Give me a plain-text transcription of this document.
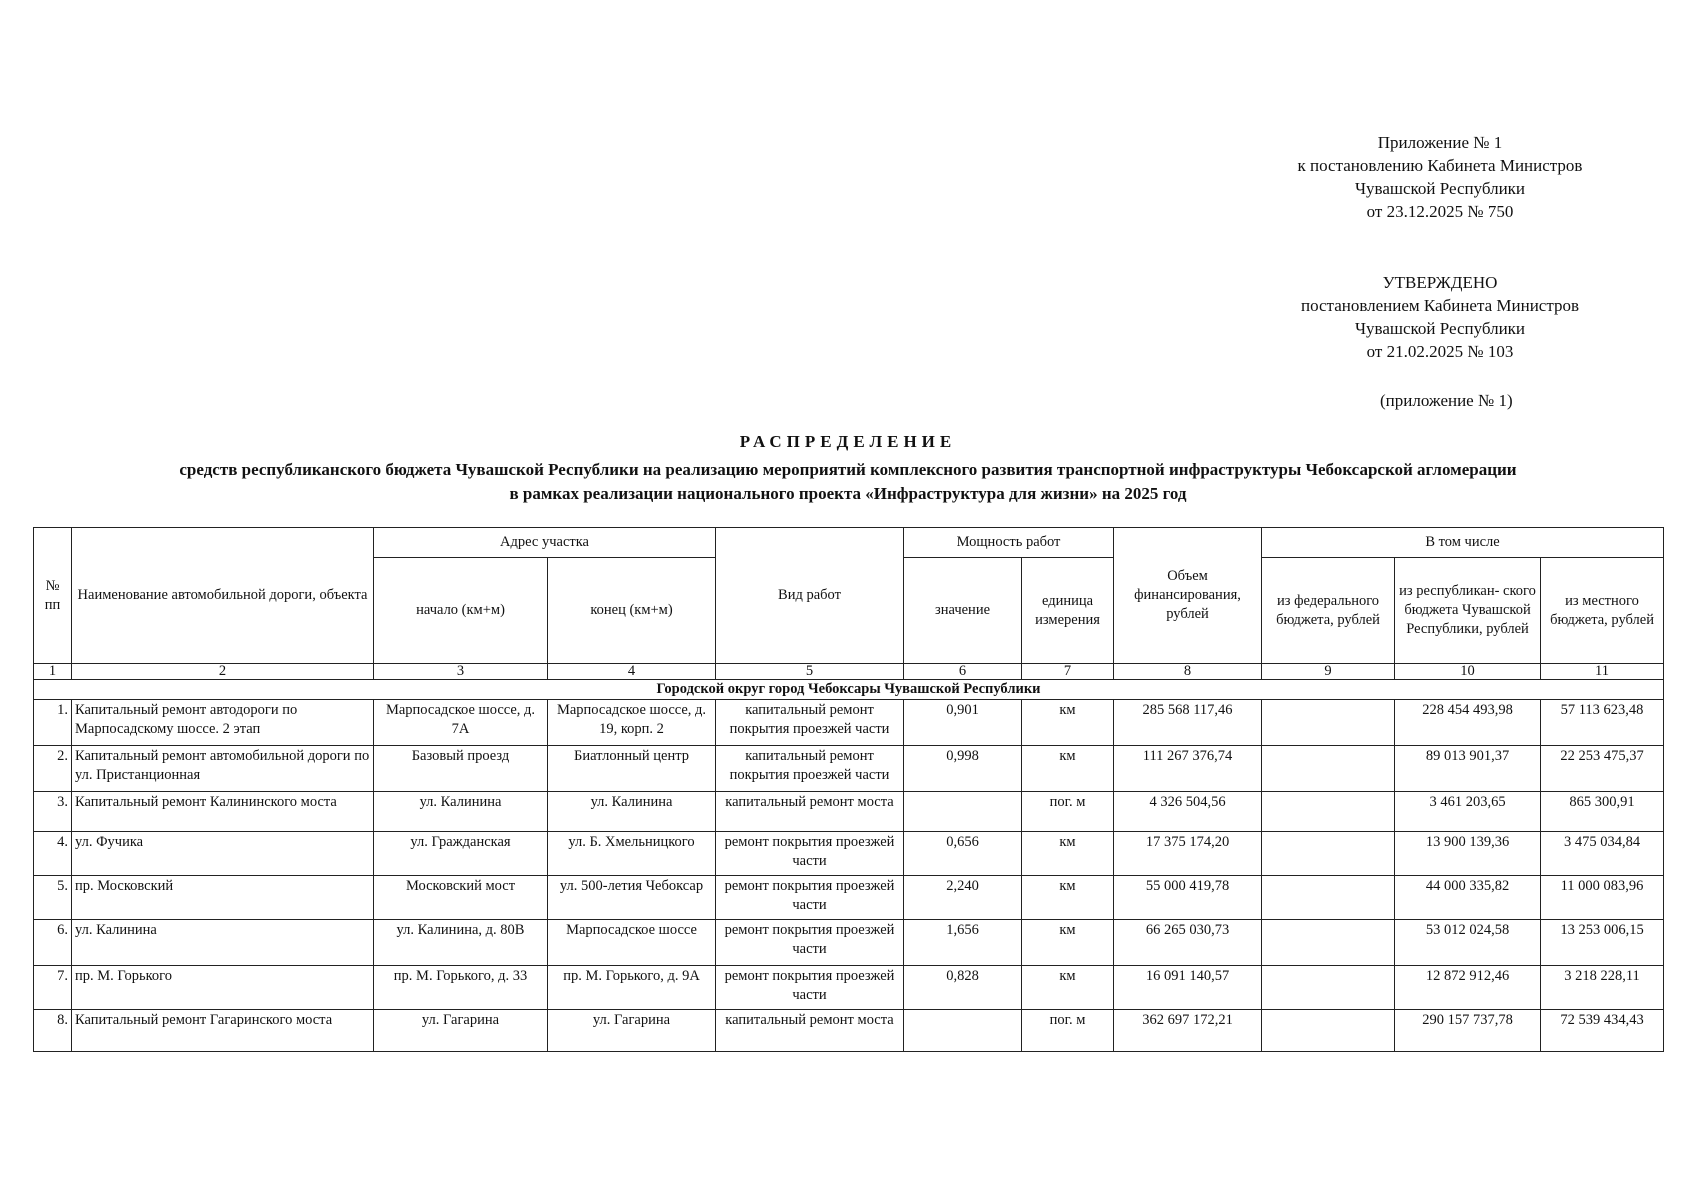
Приложение № 1
к постановлению Кабинета Министров
Чувашской Республики
от 23.12.2025 № 750
УТВЕРЖДЕНО
постановлением Кабинета Министров
Чувашской Республики
от 21.02.2025 № 103
(приложение № 1)
РАСПРЕДЕЛЕНИЕ
средств республиканского бюджета Чувашской Республики на реализацию мероприятий комплексного развития транспортной инфраструктуры Чебоксарской агломерации
в рамках реализации национального проекта «Инфраструктура для жизни» на 2025 год
№ пп	Наименование автомобильной дороги, объекта	Адрес участка		Вид работ	Мощность работ		Объем финансирования, рублей	В том числе		
		начало (км+м)	конец (км+м)		значение	единица измерения		из федерального бюджета, рублей	из республикан- ского бюджета Чувашской Республики, рублей	из местного бюджета, рублей
1	2	3	4	5	6	7	8	9	10	11
Городской округ город Чебоксары Чувашской Республики										
1.	Капитальный ремонт автодороги по Марпосадскому шоссе. 2 этап	Марпосадское шоссе, д. 7А	Марпосадское шоссе, д. 19, корп. 2	капитальный ремонт покрытия проезжей части	0,901	км	285 568 117,46		228 454 493,98	57 113 623,48
2.	Капитальный ремонт автомобильной дороги по ул. Пристанционная	Базовый проезд	Биатлонный центр	капитальный ремонт покрытия проезжей части	0,998	км	111 267 376,74		89 013 901,37	22 253 475,37
3.	Капитальный ремонт Калининского моста	ул. Калинина	ул. Калинина	капитальный ремонт моста		пог. м	4 326 504,56		3 461 203,65	865 300,91
4.	ул. Фучика	ул. Гражданская	ул. Б. Хмельницкого	ремонт покрытия проезжей части	0,656	км	17 375 174,20		13 900 139,36	3 475 034,84
5.	пр. Московский	Московский мост	ул. 500-летия Чебоксар	ремонт покрытия проезжей части	2,240	км	55 000 419,78		44 000 335,82	11 000 083,96
6.	ул. Калинина	ул. Калинина, д. 80В	Марпосадское шоссе	ремонт покрытия проезжей части	1,656	км	66 265 030,73		53 012 024,58	13 253 006,15
7.	пр. М. Горького	пр. М. Горького, д. 33	пр. М. Горького, д. 9А	ремонт покрытия проезжей части	0,828	км	16 091 140,57		12 872 912,46	3 218 228,11
8.	Капитальный ремонт Гагаринского моста	ул. Гагарина	ул. Гагарина	капитальный ремонт моста		пог. м	362 697 172,21		290 157 737,78	72 539 434,43
